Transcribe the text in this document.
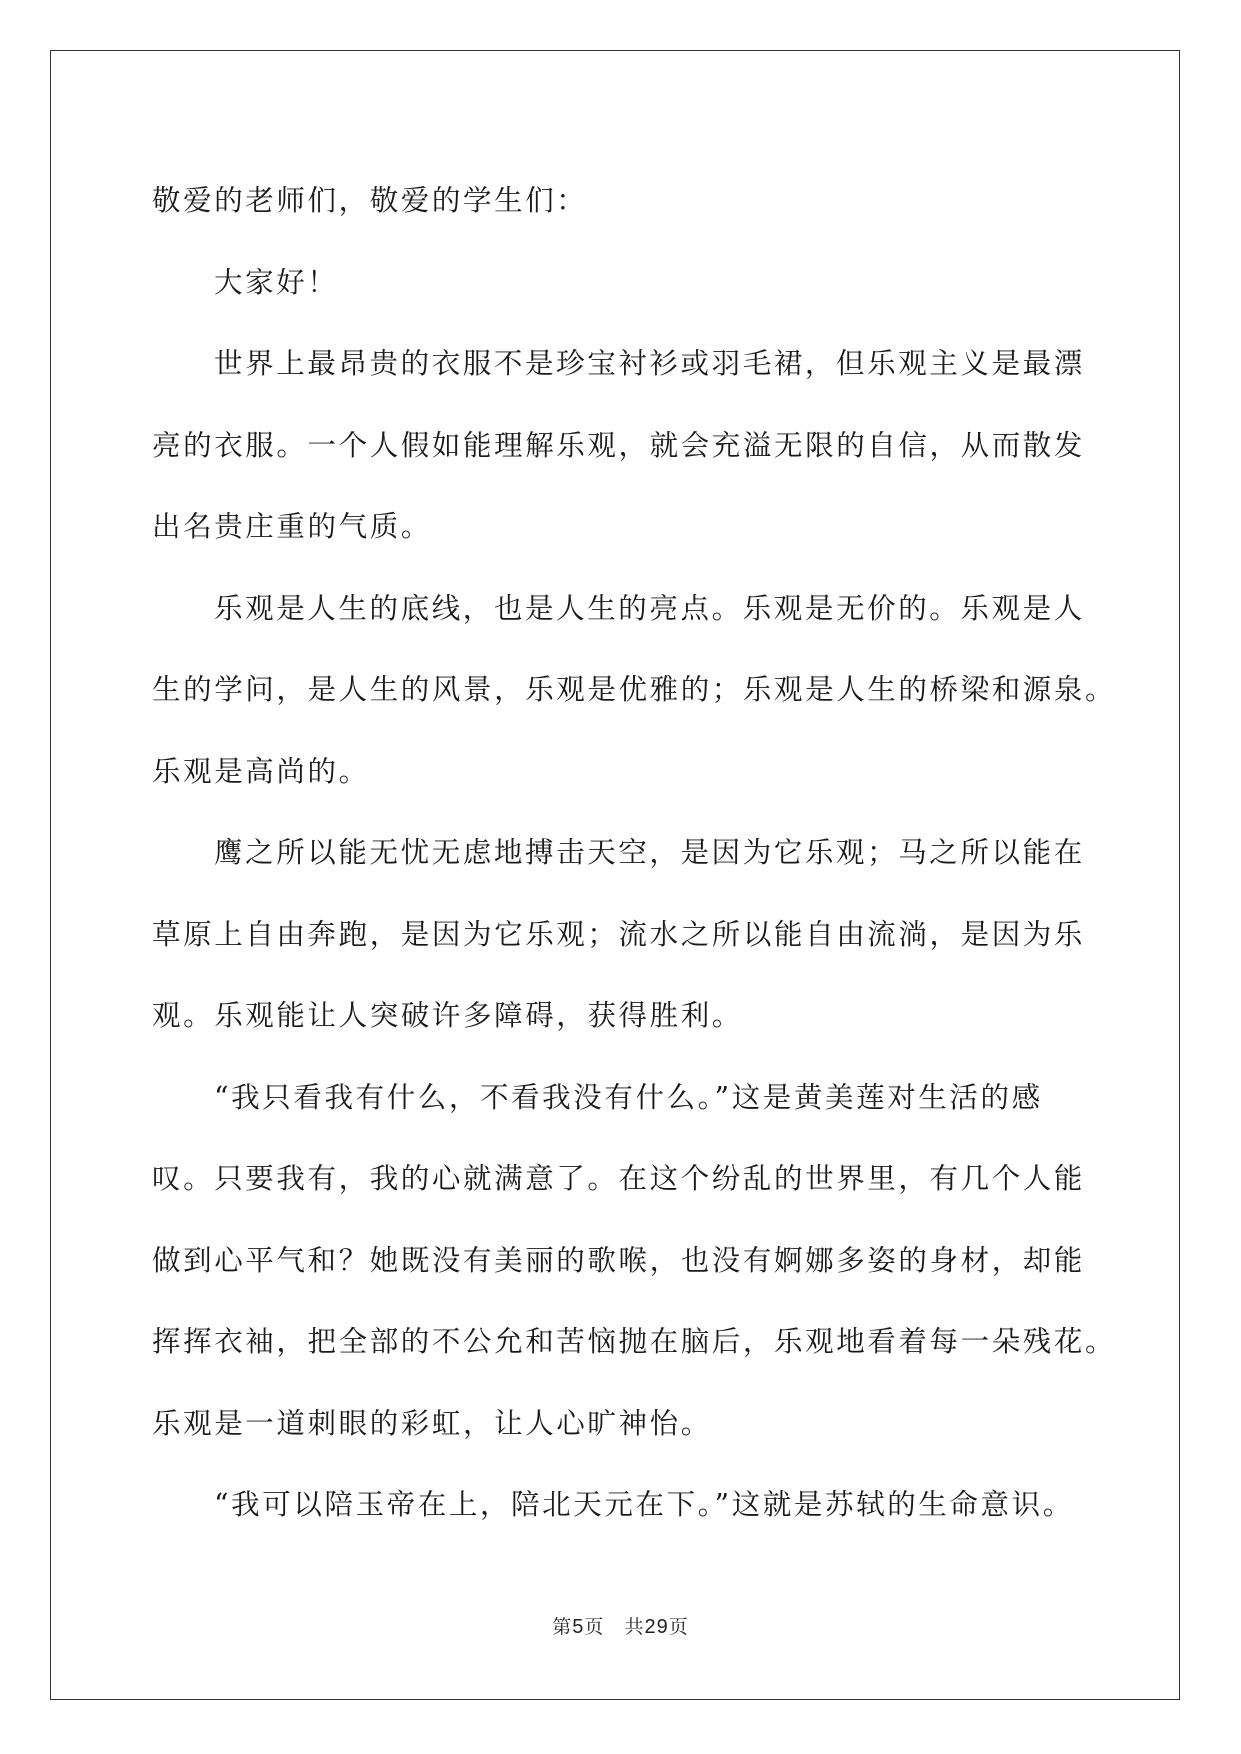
敬爱的老师们，敬爱的学生们：
大家好！
世界上最昂贵的衣服不是珍宝衬衫或羽毛裙，但乐观主义是最漂
亮的衣服。一个人假如能理解乐观，就会充溢无限的自信，从而散发
出名贵庄重的气质。
乐观是人生的底线，也是人生的亮点。乐观是无价的。乐观是人
生的学问，是人生的风景，乐观是优雅的；乐观是人生的桥梁和源泉。
乐观是高尚的。
鹰之所以能无忧无虑地搏击天空，是因为它乐观；马之所以能在
草原上自由奔跑，是因为它乐观；流水之所以能自由流淌，是因为乐
观。乐观能让人突破许多障碍，获得胜利。
“我只看我有什么，不看我没有什么。”这是黄美莲对生活的感
叹。只要我有，我的心就满意了。在这个纷乱的世界里，有几个人能
做到心平气和？她既没有美丽的歌喉，也没有婀娜多姿的身材，却能
挥挥衣袖，把全部的不公允和苦恼抛在脑后，乐观地看着每一朵残花。
乐观是一道刺眼的彩虹，让人心旷神怡。
“我可以陪玉帝在上，陪北天元在下。”这就是苏轼的生命意识。
第5页 共29页
